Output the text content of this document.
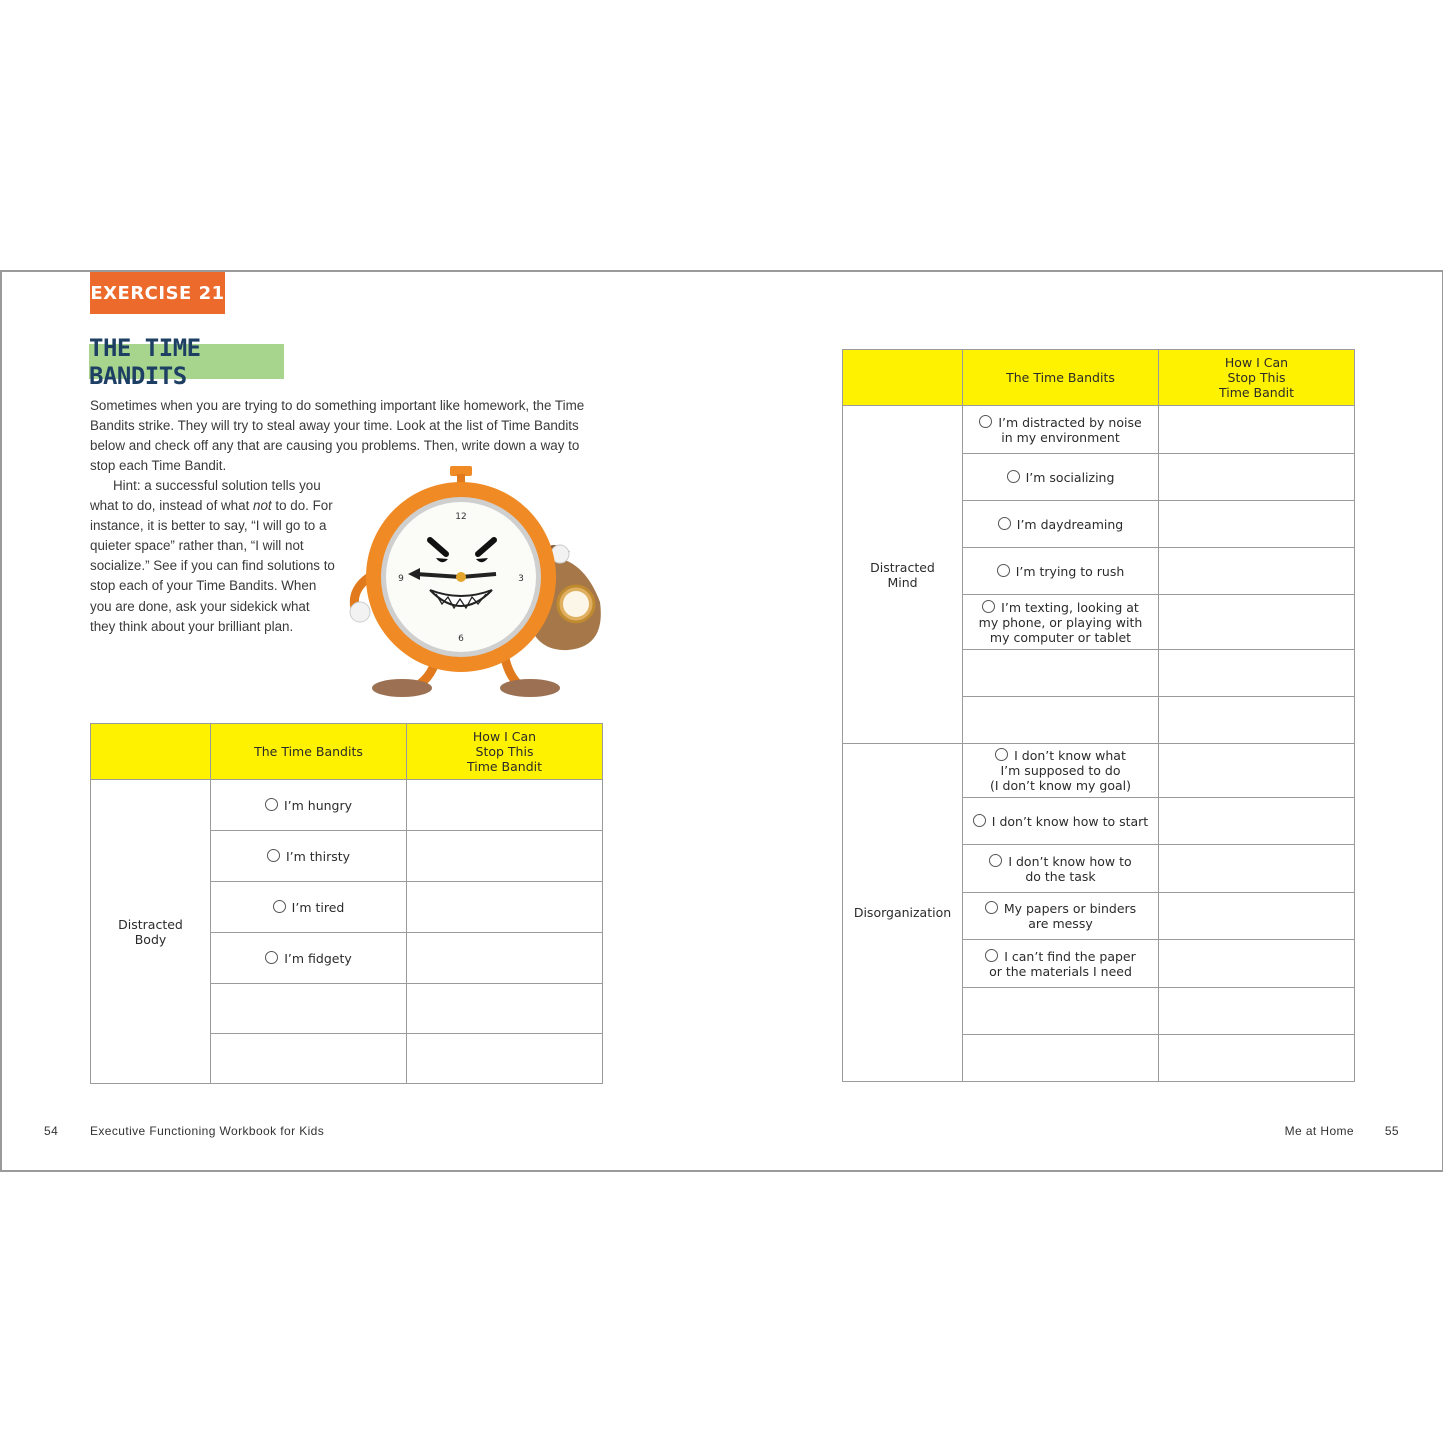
EXERCISE 21
THE TIME BANDITS

Sometimes when you are trying to do something important like homework, the Time Bandits strike. They will try to steal away your time. Look at the list of Time Bandits below and check off any that are causing you problems. Then, write down a way to stop each Time Bandit.

Hint: a successful solution tells you what to do, instead of what not to do. For instance, it is better to say, “I will go to a quieter space” rather than, “I will not socialize.” See if you can find solutions to stop each of your Time Bandits. When you are done, ask your sidekick what they think about your brilliant plan.

12
3
6
9
	The Time Bandits	How I Can
Stop This
Time Bandit
Distracted
Body	I’m hungry	
	I’m thirsty	
	I’m tired	
	I’m fidgety	

	The Time Bandits	How I Can
Stop This
Time Bandit
Distracted
Mind	I’m distracted by noise
in my environment	
	I’m socializing	
	I’m daydreaming	
	I’m trying to rush	
	I’m texting, looking at
my phone, or playing with
my computer or tablet	

Disorganization	I don’t know what
I’m supposed to do
(I don’t know my goal)	
	I don’t know how to start	
	I don’t know how to
do the task	
	My papers or binders
are messy	
	I can’t find the paper
or the materials I need	

54	Executive Functioning Workbook for Kids	Me at Home	55
